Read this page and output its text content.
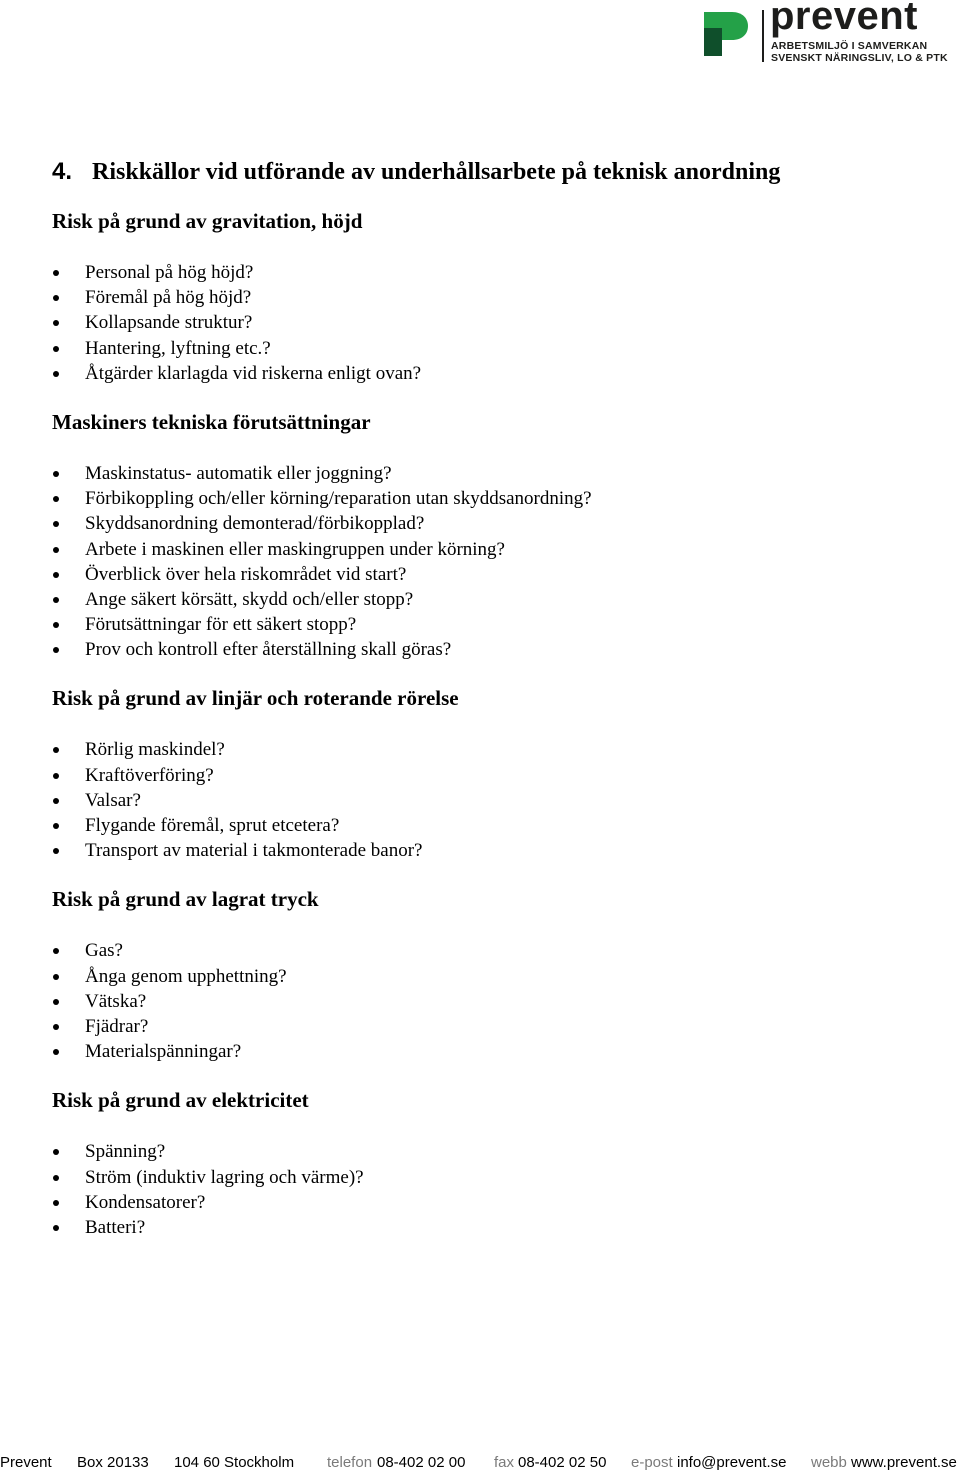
prevent
ARBETSMILJÖ I SAMVERKAN
SVENSKT NÄRINGSLIV, LO & PTK
4. Riskkällor vid utförande av underhållsarbete på teknisk anordning
Risk på grund av gravitation, höjd
Personal på hög höjd?
Föremål på hög höjd?
Kollapsande struktur?
Hantering, lyftning etc.?
Åtgärder klarlagda vid riskerna enligt ovan?
Maskiners tekniska förutsättningar
Maskinstatus- automatik eller joggning?
Förbikoppling och/eller körning/reparation utan skyddsanordning?
Skyddsanordning demonterad/förbikopplad?
Arbete i maskinen eller maskingruppen under körning?
Överblick över hela riskområdet vid start?
Ange säkert körsätt, skydd och/eller stopp?
Förutsättningar för ett säkert stopp?
Prov och kontroll efter återställning skall göras?
Risk på grund av linjär och roterande rörelse
Rörlig maskindel?
Kraftöverföring?
Valsar?
Flygande föremål, sprut etcetera?
Transport av material i takmonterade banor?
Risk på grund av lagrat tryck
Gas?
Ånga genom upphettning?
Vätska?
Fjädrar?
Materialspänningar?
Risk på grund av elektricitet
Spänning?
Ström (induktiv lagring och värme)?
Kondensatorer?
Batteri?
Prevent Box 20133 104 60 Stockholm telefon 08-402 02 00 fax 08-402 02 50 e-post info@prevent.se webb www.prevent.se
